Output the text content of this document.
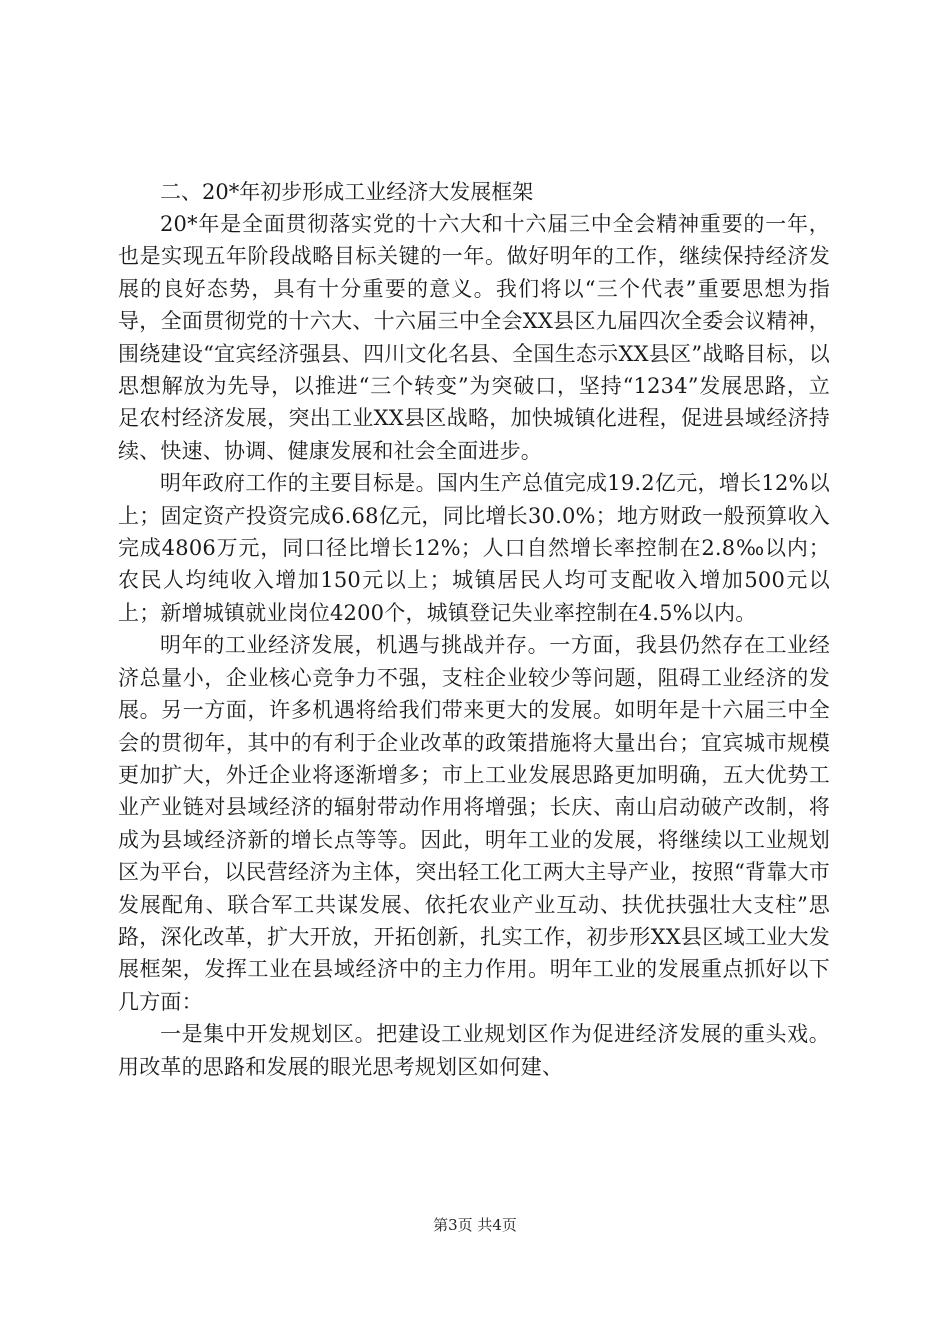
二、20*年初步形成工业经济大发展框架

20*年是全面贯彻落实党的十六大和十六届三中全会精神重要的一年，也是实现五年阶段战略目标关键的一年。做好明年的工作，继续保持经济发展的良好态势，具有十分重要的意义。我们将以“三个代表”重要思想为指导，全面贯彻党的十六大、十六届三中全会XX县区九届四次全委会议精神，围绕建设“宜宾经济强县、四川文化名县、全国生态示XX县区”战略目标，以思想解放为先导，以推进“三个转变”为突破口，坚持“1234”发展思路，立足农村经济发展，突出工业XX县区战略，加快城镇化进程，促进县域经济持续、快速、协调、健康发展和社会全面进步。

明年政府工作的主要目标是。国内生产总值完成19.2亿元，增长12%以上；固定资产投资完成6.68亿元，同比增长30.0%；地方财政一般预算收入完成4806万元，同口径比增长12%；人口自然增长率控制在2.8‰以内；农民人均纯收入增加150元以上；城镇居民人均可支配收入增加500元以上；新增城镇就业岗位4200个，城镇登记失业率控制在4.5%以内。

明年的工业经济发展，机遇与挑战并存。一方面，我县仍然存在工业经济总量小，企业核心竞争力不强，支柱企业较少等问题，阻碍工业经济的发展。另一方面，许多机遇将给我们带来更大的发展。如明年是十六届三中全会的贯彻年，其中的有利于企业改革的政策措施将大量出台；宜宾城市规模更加扩大，外迁企业将逐渐增多；市上工业发展思路更加明确，五大优势工业产业链对县域经济的辐射带动作用将增强；长庆、南山启动破产改制，将成为县域经济新的增长点等等。因此，明年工业的发展，将继续以工业规划区为平台，以民营经济为主体，突出轻工化工两大主导产业，按照“背靠大市发展配角、联合军工共谋发展、依托农业产业互动、扶优扶强壮大支柱”思路，深化改革，扩大开放，开拓创新，扎实工作，初步形XX县区域工业大发展框架，发挥工业在县域经济中的主力作用。明年工业的发展重点抓好以下几方面：

一是集中开发规划区。把建设工业规划区作为促进经济发展的重头戏。用改革的思路和发展的眼光思考规划区如何建、

第3页 共4页
